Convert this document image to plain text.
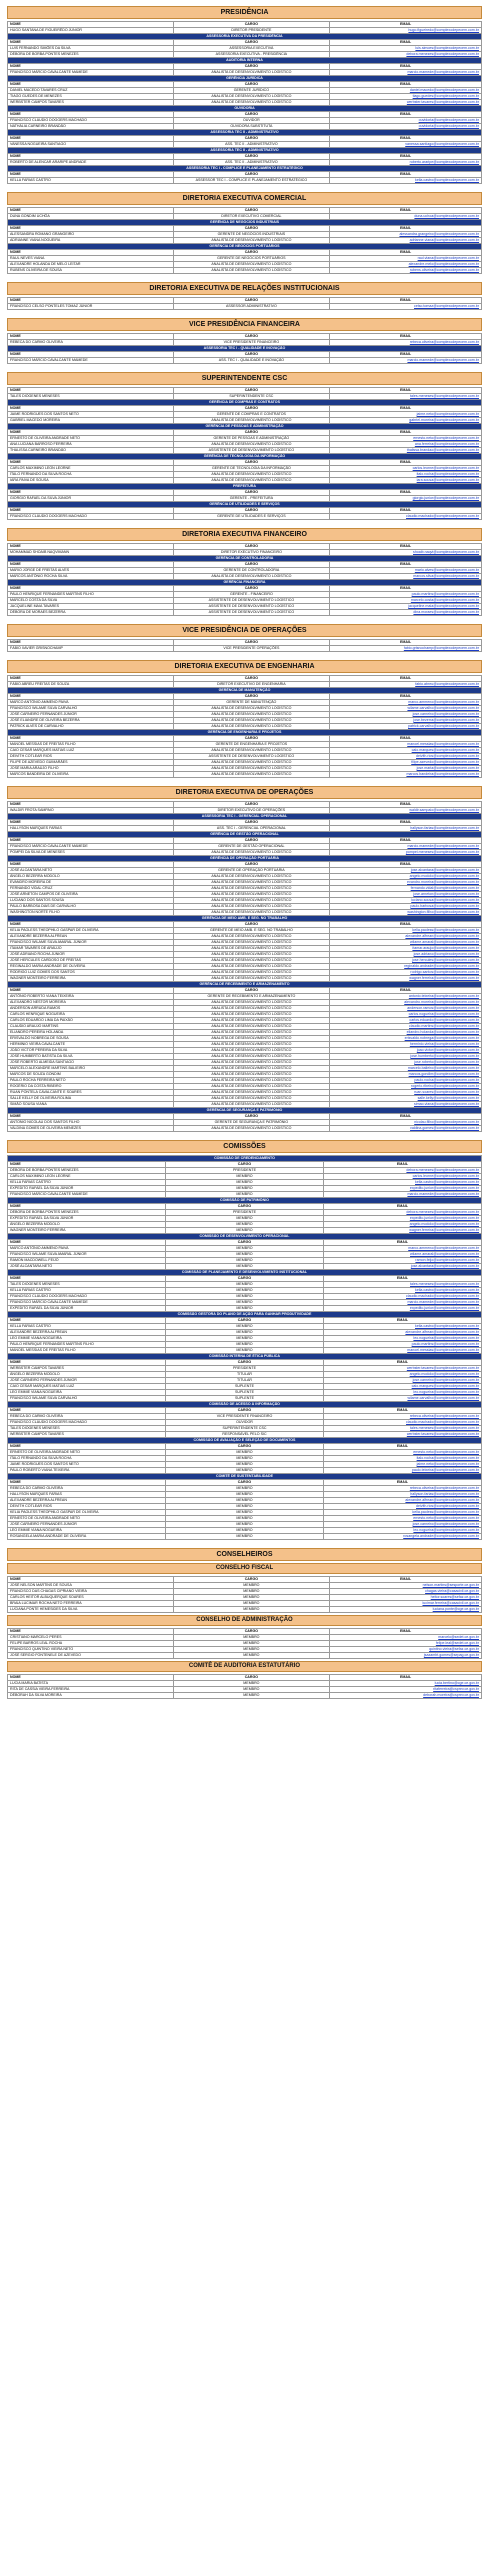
PRESIDÊNCIA
NOME	CARGO	EMAIL
HUGO SANTANA DE FIGUEIRÊDO JÚNIOR	DIRETOR PRESIDENTE	hugo.figueiredo@complexodepecem.com.br
ASSESSORIA EXECUTIVA DA PRESIDÊNCIA		
NOME	CARGO	EMAIL
LUIS FERNANDO SIMÕES DA SILVA	ASSESSORIA EXECUTIVA	luis.simoes@complexodepecem.com.br
DÉBORA DE BORBA PONTES MENEZES	ASSESSORIA EXECUTIVA - PRESIDÊNCIA	debora.menezes@complexodepecem.com.br
AUDITORIA INTERNA		
NOME	CARGO	EMAIL
FRANCISCO MÁRCIO CAVALCANTE MAMEDE	ANALISTA DE DESENVOLVIMENTO LOGÍSTICO	marcio.mamede@complexodepecem.com.br
GERÊNCIA JURÍDICA		
NOME	CARGO	EMAIL
DANIEL MACEDO TAVARES CRUZ	GERENTE JURÍDICO	daniel.macedo@complexodepecem.com.br
TIAGO GUEDES DE MENEZES	ANALISTA DE DESENVOLVIMENTO LOGÍSTICO	tiago.guedes@complexodepecem.com.br
WERBSTER CAMPOS TAVARES	ANALISTA DE DESENVOLVIMENTO LOGÍSTICO	werbster.tavares@complexodepecem.com.br
OUVIDORIA		
NOME	CARGO	EMAIL
FRANCISCO CLÁUDIO DOGGERS MACHADO	OUVIDOR	ouvidoria@complexodepecem.com.br
NATHÁLIA CARNEIRO BRANDÃO	OUVIDORA SUBSTITUTA	ouvidoria@complexodepecem.com.br
ASSESSORIA TEC II - ADMINISTRATIVO		
NOME	CARGO	EMAIL
VANESSA NOGUEIRA SANTIAGO	ASS. TEC II - ADMINISTRATIVO	vanessa.santiago@complexodepecem.com.br
ASSESSORIA TEC II - ADMINISTRATIVO		
NOME	CARGO	EMAIL
ROBERTO DE ALENCAR ARARIPE ANDRADE	ASS. TEC II - ADMINISTRATIVO	roberto.araripe@complexodepecem.com.br
ASSESSORIA TEC I - COMPLICE E PLANEJAMENTO ESTRATÉGICO		
NOME	CARGO	EMAIL
KELLA FARIAS CASTRO	ASSESSOR TEC I - COMPLICE E PLANEJAMENTO ESTRATÉGICO	kella.castro@complexodepecem.com.br
DIRETORIA EXECUTIVA COMERCIAL
NOME	CARGO	EMAIL
DUNA GONDIM UCHÔA	DIRETOR EXECUTIVO COMERCIAL	duna.uchoa@complexodepecem.com.br
GERÊNCIA DE NEGÓCIOS INDUSTRIAIS		
NOME	CARGO	EMAIL
ALESSANDRA ROMANO GRANGEIRO	GERENTE DE NEGÓCIOS INDUSTRIAIS	alessandra.grangeiro@complexodepecem.com.br
ADRIANNE VIANA NOGUEIRA	ANALISTA DE DESENVOLVIMENTO LOGÍSTICO	adrianne.viana@complexodepecem.com.br
GERÊNCIA DE NEGÓCIOS PORTUÁRIOS		
NOME	CARGO	EMAIL
RAUL NEVES VIANA	GERENTE DE NEGÓCIOS PORTUÁRIOS	raul.viana@complexodepecem.com.br
ALEXANDRE HOLANDA DE MELO LEITAR	ANALISTA DE DESENVOLVIMENTO LOGÍSTICO	alexandre.melo@complexodepecem.com.br
RUBENS OLIVEIRA DE SOUSA	ANALISTA DE DESENVOLVIMENTO LOGÍSTICO	rubens.oliveira@complexodepecem.com.br
DIRETORIA EXECUTIVA DE RELAÇÕES INSTITUCIONAIS
NOME	CARGO	EMAIL
FRANCISCO CELSO PONTELES TOMAZ JÚNIOR	ASSESSOR ADMINISTRATIVO	celso.tomaz@complexodepecem.com.br
VICE PRESIDÊNCIA FINANCEIRA
NOME	CARGO	EMAIL
REBECA DO CARMO OLIVEIRA	VICE PRESIDENTE FINANCEIRO	rebeca.oliveira@complexodepecem.com.br
ASSESSORIA TEC I - QUALIDADE E INOVAÇÃO		
NOME	CARGO	EMAIL
FRANCISCO MÁRCIO CAVALCANTE MAMEDE	ASS. TEC I - QUALIDADE E INOVAÇÃO	marcio.mamede@complexodepecem.com.br
SUPERINTENDENTE CSC
NOME	CARGO	EMAIL
TALES DIÓGENES MENESES	SUPERINTENDENTE CSC	tales.meneses@complexodepecem.com.br
GERÊNCIA DE COMPRAS E CONTRATOS		
NOME	CARGO	EMAIL
JAIME RODRIGUES DOS SANTOS NETO	GERENTE DE COMPRAS E CONTRATOS	jaime.neto@complexodepecem.com.br
GABRIEL MACEDO MOREIRA	ANALISTA DE DESENVOLVIMENTO LOGÍSTICO	gabriel.moreira@complexodepecem.com.br
GERÊNCIA DE PESSOAS E ADMINISTRAÇÃO		
NOME	CARGO	EMAIL
ERNESTO DE OLIVEIRA ANDRADE NETO	GERENTE DE PESSOAS E ADMINISTRAÇÃO	ernesto.neto@complexodepecem.com.br
ANA LUCIANA BARROSO FERREIRA	ANALISTA DE DESENVOLVIMENTO LOGÍSTICO	ana.ferreira@complexodepecem.com.br
THALISSA CARNEIRO BRANDÃO	ASSISTENTE DE DESENVOLVIMENTO LOGÍSTICO	thalissa.brandao@complexodepecem.com.br
GERÊNCIA DE TECNOLOGIA DA INFORMAÇÃO		
NOME	CARGO	EMAIL
CARLOS MAXIMINO LEON LEORNE	GERENTE DE TECNOLOGIA DA INFORMAÇÃO	carlos.leorne@complexodepecem.com.br
ÍTALO FERNANDO DA SILVA ROCHA	ANALISTA DE DESENVOLVIMENTO LOGÍSTICO	italo.rocha@complexodepecem.com.br
IARA PAIVA DE SOUSA	ANALISTA DE DESENVOLVIMENTO LOGÍSTICO	iara.sousa@complexodepecem.com.br
PREFEITURA		
NOME	CARGO	EMAIL
GIORGIO RAFAEL DA SILVA JÚNIOR	GERENTE - PREFEITURA	giorgio.junior@complexodepecem.com.br
GERÊNCIA DE UTILIDADES E SERVIÇOS		
NOME	CARGO	EMAIL
FRANCISCO CLÁUDIO DOGGERS MACHADO	GERENTE DE UTILIDADES E SERVIÇOS	claudio.machado@complexodepecem.com.br
DIRETORIA EXECUTIVA FINANCEIRO
NOME	CARGO	EMAIL
MOHAMMAD SHOAIB NAQVIMANN	DIRETOR EXECUTIVO FINANCEIRO	shoaib.naqvi@complexodepecem.com.br
GERÊNCIA DE CONTROLADORIA		
NOME	CARGO	EMAIL
MARIO JORGE DE FREITAS ALVES	GERENTE DE CONTROLADORIA	mario.alves@complexodepecem.com.br
MARCOS ANTÔNIO ROCHA SILVA	ANALISTA DE DESENVOLVIMENTO LOGÍSTICO	marcos.silva@complexodepecem.com.br
GERÊNCIA FINANCEIRA		
NOME	CARGO	EMAIL
PAULO HENRIQUE FERNANDES MARTINS FILHO	GERENTE - FINANCEIRO	paulo.martins@complexodepecem.com.br
MARCELO COSTA DA SILVA	ASSISTENTE DE DESENVOLVIMENTO LOGÍSTICO	marcelo.costa@complexodepecem.com.br
JACQUELINE MAIA TAVARES	ASSISTENTE DE DESENVOLVIMENTO LOGÍSTICO	jacqueline.maia@complexodepecem.com.br
DÉBORA DE MORAES BEZERRA	ASSISTENTE DE DESENVOLVIMENTO LOGÍSTICO	dina.moraes@complexodepecem.com.br
VICE PRESIDÊNCIA DE OPERAÇÕES
NOME	CARGO	EMAIL
FÁBIO XAVIER GRISNOCHAMP	VICE PRESIDENTE OPERAÇÕES	fabio.grisnochamp@complexodepecem.com.br
DIRETORIA EXECUTIVA DE ENGENHARIA
NOME	CARGO	EMAIL
FÁBIO ABREU FREITAS DE SOUZA	DIRETOR EXECUTIVO DE ENGENHARIA	fabio.abreu@complexodepecem.com.br
GERÊNCIA DE MANUTENÇÃO		
NOME	CARGO	EMAIL
MARCO ANTÔNIO AMMENO PAIVA	GERENTE DE MANUTENÇÃO	marco.ammeno@complexodepecem.com.br
FRANCISCO WILAME SILVA CARVALHO	ANALISTA DE DESENVOLVIMENTO LOGÍSTICO	wilame.carvalho@complexodepecem.com.br
JOSÉ CARNEIRO FERNANDES JÚNIOR	ANALISTA DE DESENVOLVIMENTO LOGÍSTICO	jose.carneiro@complexodepecem.com.br
JOSÉ ELIANDRE DE OLIVEIRA BEZERRA	ANALISTA DE DESENVOLVIMENTO LOGÍSTICO	jose.bezerra@complexodepecem.com.br
PATRICK ALVES DE CARVALHO	ANALISTA DE DESENVOLVIMENTO LOGÍSTICO	patrick.carvalho@complexodepecem.com.br
GERÊNCIA DE ENGENHARIA E PROJETOS		
NOME	CARGO	EMAIL
MANOEL MESSIAS DE FREITAS FILHO	GERENTE DE ENGENHARIA E PROJETOS	manoel.messias@complexodepecem.com.br
CAIO CESAR MARQUES MATIAS LUIZ	ANALISTA DE DESENVOLVIMENTO LOGÍSTICO	caio.marques@complexodepecem.com.br
DEIVITH COTLEAR RIOS	ASSISTENTE DE DESENVOLVIMENTO LOGÍSTICO	deivith.rios@complexodepecem.com.br
FILIPE DE AZEVEDO GUIMARÃES	ANALISTA DE DESENVOLVIMENTO LOGÍSTICO	filipe.azevedo@complexodepecem.com.br
JOSÉ MARIA ARAÚJO FILHO	ANALISTA DE DESENVOLVIMENTO LOGÍSTICO	jose.maria@complexodepecem.com.br
MARCOS BANDEIRA DE OLIVEIRA	ANALISTA DE DESENVOLVIMENTO LOGÍSTICO	marcos.bandeira@complexodepecem.com.br
DIRETORIA EXECUTIVA DE OPERAÇÕES
NOME	CARGO	EMAIL
WALDIR FROTA SAMPAIO	DIRETOR EXECUTIVO DE OPERAÇÕES	waldir.sampaio@complexodepecem.com.br
ASSESSORIA TEC I - GERENCIAL OPERACIONAL		
NOME	CARGO	EMAIL
HALLYSON MARQUES FARIAS	ASS. TEC I - GERENCIAL OPERACIONAL	hallyson.farias@complexodepecem.com.br
GERÊNCIA DE GESTÃO OPERACIONAL		
NOME	CARGO	EMAIL
FRANCISCO MÁRCIO CAVALCANTE MAMEDE	GERENTE DE GESTÃO OPERACIONAL	marcio.mamede@complexodepecem.com.br
POMPEI DA SILVA DE MENESES	ANALISTA DE DESENVOLVIMENTO LOGÍSTICO	pompei.meneses@complexodepecem.com.br
GERÊNCIA DE OPERAÇÃO PORTUÁRIA		
NOME	CARGO	EMAIL
JOSÉ ALCANTARA NETO	GERENTE DE OPERAÇÃO PORTUÁRIA	jose.alcantara@complexodepecem.com.br
ÂNGELO BEZERRA MODOLO	ANALISTA DE DESENVOLVIMENTO LOGÍSTICO	angelo.modolo@complexodepecem.com.br
EVANDRO MOREIRA DE	ANALISTA DE DESENVOLVIMENTO LOGÍSTICO	evandro.moreira@complexodepecem.com.br
FERNANDO VIDAL CRUZ	ANALISTA DE DESENVOLVIMENTO LOGÍSTICO	fernando.vidal@complexodepecem.com.br
JOSÉ ARNETON CAMPOS DE OLIVEIRA	ANALISTA DE DESENVOLVIMENTO LOGÍSTICO	jose.arneton@complexodepecem.com.br
LUCIANO DOS SANTOS SOUSA	ANALISTA DE DESENVOLVIMENTO LOGÍSTICO	luciano.sousa@complexodepecem.com.br
PAULO BARBOSA DIAS DE CARVALHO	ANALISTA DE DESENVOLVIMENTO LOGÍSTICO	paulo.barbosa@complexodepecem.com.br
WASHINGTON NORTE FILHO	ANALISTA DE DESENVOLVIMENTO LOGÍSTICO	washington.filho@complexodepecem.com.br
GERÊNCIA DE MEIO AMB. E SEG. NO TRABALHO		
NOME	CARGO	EMAIL
KELIA PAOLESS THEOPHILO GASPAR DE OLIVEIRA	GERENTE DE MEIO AMB. E SEG. NO TRABALHO	kelia.paoless@complexodepecem.com.br
ALEXANDRE BEZERRA ALFREAN	ANALISTA DE DESENVOLVIMENTO LOGÍSTICO	alexandre.alfrean@complexodepecem.com.br
FRANCISCO WILAME SILVA AMARAL JÚNIOR	ANALISTA DE DESENVOLVIMENTO LOGÍSTICO	wilame.amaral@complexodepecem.com.br
ITAMAR TAVARES DE ARAÚJO	ANALISTA DE DESENVOLVIMENTO LOGÍSTICO	itamar.araujo@complexodepecem.com.br
JOSÉ ADRIANO ROCHA JÚNIOR	ANALISTA DE DESENVOLVIMENTO LOGÍSTICO	jose.adriano@complexodepecem.com.br
JOSÉ HERCULES CARDOSO DE FREITAS	ANALISTA DE DESENVOLVIMENTO LOGÍSTICO	jose.hercules@complexodepecem.com.br
REGINALDO MARIA ANDRADE DE OLIVEIRA	ANALISTA DE DESENVOLVIMENTO LOGÍSTICO	reginaldo.andrade@complexodepecem.com.br
RODRIGO LUIZ GOMES DOS SANTOS	ANALISTA DE DESENVOLVIMENTO LOGÍSTICO	rodrigo.santos@complexodepecem.com.br
WAGNER MONTEIRO FERREIRA	ANALISTA DE DESENVOLVIMENTO LOGÍSTICO	wagner.ferreira@complexodepecem.com.br
GERÊNCIA DE RECEBIMENTO E ARMAZENAMENTO		
NOME	CARGO	EMAIL
ANTÔNIO ROBERTO VIANA TEIXEIRA	GERENTE DE RECEBIMENTO E ARMAZENAMENTO	antonio.teixeira@complexodepecem.com.br
ALEXANDRO NESTOR MOREIRA	ANALISTA DE DESENVOLVIMENTO LOGÍSTICO	alexandro.moreira@complexodepecem.com.br
ANDERSON ARRUDA RAMOS	ANALISTA DE DESENVOLVIMENTO LOGÍSTICO	anderson.ramos@complexodepecem.com.br
CARLOS HENRIQUE NOGUEIRA	ANALISTA DE DESENVOLVIMENTO LOGÍSTICO	carlos.nogueira@complexodepecem.com.br
CARLOS EDUARDO LIMA DA PAIXÃO	ANALISTA DE DESENVOLVIMENTO LOGÍSTICO	carlos.eduardo@complexodepecem.com.br
CLAUDIO ARAÚJO MARTINS	ANALISTA DE DESENVOLVIMENTO LOGÍSTICO	claudio.martins@complexodepecem.com.br
ELIANDRO PEREIRA HOLANDA	ANALISTA DE DESENVOLVIMENTO LOGÍSTICO	eliandro.holanda@complexodepecem.com.br
ERISVALDO NOBREGA DE SOUSA	ANALISTA DE DESENVOLVIMENTO LOGÍSTICO	erisvaldo.nobrega@complexodepecem.com.br
HERMÍNIO VIEIRA CAVALCANTE	ANALISTA DE DESENVOLVIMENTO LOGÍSTICO	herminio.vieira@complexodepecem.com.br
JOÃO VICTOR PEREIRA DA SILVA	ANALISTA DE DESENVOLVIMENTO LOGÍSTICO	joao.victor@complexodepecem.com.br
JOSÉ HUMBERTO BATISTA DA SILVA	ANALISTA DE DESENVOLVIMENTO LOGÍSTICO	jose.humberto@complexodepecem.com.br
JOSÉ ROBERTO ALMEIDA SANTIAGO	ANALISTA DE DESENVOLVIMENTO LOGÍSTICO	jose.roberto@complexodepecem.com.br
MARCELO ALEXANDRE MARTINS BALIEIRO	ANALISTA DE DESENVOLVIMENTO LOGÍSTICO	marcelo.balieiro@complexodepecem.com.br
MARCOS DE SOUZA GONDIM	ANALISTA DE DESENVOLVIMENTO LOGÍSTICO	marcos.gondim@complexodepecem.com.br
PAULO ROCHA FERREIRA NETO	ANALISTA DE DESENVOLVIMENTO LOGÍSTICO	paulo.rocha@complexodepecem.com.br
ROGÉRIO DA COSTA RIBEIRO	ANALISTA DE DESENVOLVIMENTO LOGÍSTICO	rogerio.ribeiro@complexodepecem.com.br
RUAN PONTELA CAVALCANTE E SOARES	ANALISTA DE DESENVOLVIMENTO LOGÍSTICO	ruan.soares@complexodepecem.com.br
SALLE KELLY DE OLIVEIRA ROLIMA	ANALISTA DE DESENVOLVIMENTO LOGÍSTICO	salle.kelly@complexodepecem.com.br
SIMÃO SOUSA VIANA	ANALISTA DE DESENVOLVIMENTO LOGÍSTICO	simao.viana@complexodepecem.com.br
GERÊNCIA DE SEGURANÇA E PATRIMÔNIO		
NOME	CARGO	EMAIL
ANTONIO NICOLAU DOS SANTOS FILHO	GERENTE DE SEGURANÇA E PATRIMÔNIO	nicolau.filho@complexodepecem.com.br
VALDINA GOMES DE OLIVEIRA MENEZES	ANALISTA DE DESENVOLVIMENTO LOGÍSTICO	valdina.gomes@complexodepecem.com.br
COMISSÕES
COMISSÃO DE CREDENCIAMENTO		
NOME	CARGO	EMAIL
DÉBORA DE BORBA PONTES MENEZES	PRESIDENTE	debora.menezes@complexodepecem.com.br
CARLOS MAXIMINO LEON LEORNE	MEMBRO	carlos.leorne@complexodepecem.com.br
KELLA FARIAS CASTRO	MEMBRO	kella.castro@complexodepecem.com.br
EXPEDITO RAFAEL DA SILVA JÚNIOR	MEMBRO	expedito.junior@complexodepecem.com.br
FRANCISCO MÁRCIO CAVALCANTE MAMEDE	MEMBRO	marcio.mamede@complexodepecem.com.br
COMISSÃO DE PATRIMÔNIO		
NOME	CARGO	EMAIL
DÉBORA DE BORBA PONTES MENEZES	PRESIDENTE	debora.menezes@complexodepecem.com.br
EXPEDITO RAFAEL DA SILVA JÚNIOR	MEMBRO	expedito.junior@complexodepecem.com.br
ÂNGELO BEZERRA MODOLO	MEMBRO	angelo.modolo@complexodepecem.com.br
WAGNER MONTEIRO FERREIRA	MEMBRO	wagner.ferreira@complexodepecem.com.br
COMISSÃO DE DESENVOLVIMENTO OPERACIONAL		
NOME	CARGO	EMAIL
MARCO ANTÔNIO AMMENO PAIVA	MEMBRO	marco.ammeno@complexodepecem.com.br
FRANCISCO WILAME SILVA AMARAL JÚNIOR	MEMBRO	wilame.amaral@complexodepecem.com.br
RAMON MACDOWELL FEIJÓ	MEMBRO	ramon.feijo@complexodepecem.com.br
JOSÉ ALCANTARA NETO	MEMBRO	jose.alcantara@complexodepecem.com.br
COMISSÃO DE PLANEJAMENTO E DESENVOLVIMENTO INSTITUCIONAL		
NOME	CARGO	EMAIL
TALES DIÓGENES MENESES	MEMBRO	tales.meneses@complexodepecem.com.br
KELLA FARIAS CASTRO	MEMBRO	kella.castro@complexodepecem.com.br
FRANCISCO CLÁUDIO DOGGERS MACHADO	MEMBRO	claudio.machado@complexodepecem.com.br
FRANCISCO MÁRCIO CAVALCANTE MAMEDE	MEMBRO	marcio.mamede@complexodepecem.com.br
EXPEDITO RAFAEL DA SILVA JÚNIOR	MEMBRO	expedito.junior@complexodepecem.com.br
COMISSÃO GESTORA DO PLANO DE AÇÃO PARA GANHAR PRODUTIVIDADE		
NOME	CARGO	EMAIL
KELLA FARIAS CASTRO	MEMBRO	kella.castro@complexodepecem.com.br
ALEXANDRE BEZERRA ALFREAN	MEMBRO	alexandre.alfrean@complexodepecem.com.br
LEO EMMIE VIANA NOGUEIRA	MEMBRO	leo.nogueira@complexodepecem.com.br
PAULO HENRIQUE FERNANDES MARTINS FILHO	MEMBRO	paulo.martins@complexodepecem.com.br
MANOEL MESSIAS DE FREITAS FILHO	MEMBRO	manoel.messias@complexodepecem.com.br
COMISSÃO INTERNA DE ÉTICA PÚBLICA		
NOME	CARGO	EMAIL
WERBSTER CAMPOS TAVARES	PRESIDENTE	werbster.tavares@complexodepecem.com.br
ÂNGELO BEZERRA MODOLO	TITULAR	angelo.modolo@complexodepecem.com.br
JOSÉ CARNEIRO FERNANDES JÚNIOR	TITULAR	jose.carneiro@complexodepecem.com.br
CAIO CESAR MARQUES MATIAS LUIZ	SUPLENTE	caio.marques@complexodepecem.com.br
LEO EMMIE VIANA NOGUEIRA	SUPLENTE	leo.nogueira@complexodepecem.com.br
FRANCISCO WILAME SILVA CARVALHO	SUPLENTE	wilame.carvalho@complexodepecem.com.br
COMISSÃO DE ACESSO À INFORMAÇÃO		
NOME	CARGO	EMAIL
REBECA DO CARMO OLIVEIRA	VICE PRESIDENTE FINANCEIRO	rebeca.oliveira@complexodepecem.com.br
FRANCISCO CLÁUDIO DOGGERS MACHADO	OUVIDOR	claudio.machado@complexodepecem.com.br
TALES DIÓGENES MENESES	SUPERINTENDENTE CSC	tales.meneses@complexodepecem.com.br
WERBSTER CAMPOS TAVARES	RESPONSÁVEL PELO SIC	werbster.tavares@complexodepecem.com.br
COMISSÃO DE AVALIAÇÃO E SELEÇÃO DE DOCUMENTOS		
NOME	CARGO	EMAIL
ERNESTO DE OLIVEIRA ANDRADE NETO	MEMBRO	ernesto.neto@complexodepecem.com.br
ITALO FERNANDO DA SILVA ROCHA	MEMBRO	italo.rocha@complexodepecem.com.br
JAIME RODRIGUES DOS SANTOS NETO	MEMBRO	jaime.neto@complexodepecem.com.br
PAULO ROBERTO VIANA TEIXEIRA	MEMBRO	paulo.teixeira@complexodepecem.com.br
COMITÊ DE SUSTENTABILIDADE		
NOME	CARGO	EMAIL
REBECA DO CARMO OLIVEIRA	MEMBRO	rebeca.oliveira@complexodepecem.com.br
HALLYSON MARQUES FARIAS	MEMBRO	hallyson.farias@complexodepecem.com.br
ALEXANDRE BEZERRA ALFREAN	MEMBRO	alexandre.alfrean@complexodepecem.com.br
DEIVITH COTLEAR RIOS	MEMBRO	deivith.rios@complexodepecem.com.br
KELIA PAOLESS THEOPHILO GASPAR DE OLIVEIRA	MEMBRO	kelia.paoless@complexodepecem.com.br
ERNESTO DE OLIVEIRA ANDRADE NETO	MEMBRO	ernesto.neto@complexodepecem.com.br
JOSÉ CARNEIRO FERNANDES JÚNIOR	MEMBRO	jose.carneiro@complexodepecem.com.br
LEO EMMIE VIANA NOGUEIRA	MEMBRO	leo.nogueira@complexodepecem.com.br
ROSANGELA MARIA ANDRADE DE OLIVEIRA	MEMBRO	rosangela.andrade@complexodepecem.com.br
CONSELHEIROS
CONSELHO FISCAL
NOME	CARGO	EMAIL
JOSÉ NELSON MARTINS DE SOUSA	MEMBRO	nelson.martins@sesporte.ce.gov.br
FRANCISCO DAS CHAGAS CIPRIANO VIEIRA	MEMBRO	chagas.vieira@casacivil.ce.gov.br
CARLOS HEITOR ALBUQUERQUE SOARES	MEMBRO	heitor.soares@sefaz.ce.gov.br
BRAIA LUCIMAR ROCHA NETO FERREIRA	MEMBRO	lucimar.ferreira@casacivil.ce.gov.br
LUCIANA PONTE HEMESIDES DA SILVA	MEMBRO	luciana.ponte@cge.ce.gov.br
CONSELHO DE ADMINISTRAÇÃO
NOME	CARGO	EMAIL
CRISTIANO MARCELO PERES	MEMBRO	marcelo@sedet.ce.gov.br
FELIPE BARROS LEAL ROCHA	MEMBRO	felipe.leal@sedet.ce.gov.br
FRANCISCO QUINTINO VIEIRA NETO	MEMBRO	quintino.vieira@sefaz.ce.gov.br
JOSÉ SERGIO FONTENELE DE AZEVEDO	MEMBRO	jsazambt.gomes@sepag.ce.gov.br
COMITÊ DE AUDITORIA ESTATUTÁRIO
NOME	CARGO	EMAIL
LUCIA MARIA BATISTA	MEMBRO	lucia.bertino@cge.ce.gov.br
RITA DE CÁSSIA VIEIRA FERREIRA	MEMBRO	ritaferreira@csprev.ce.gov.br
DÉBORAH DA SILVA MOREIRA	MEMBRO	deborah.moreira@csprev.ce.gov.br
